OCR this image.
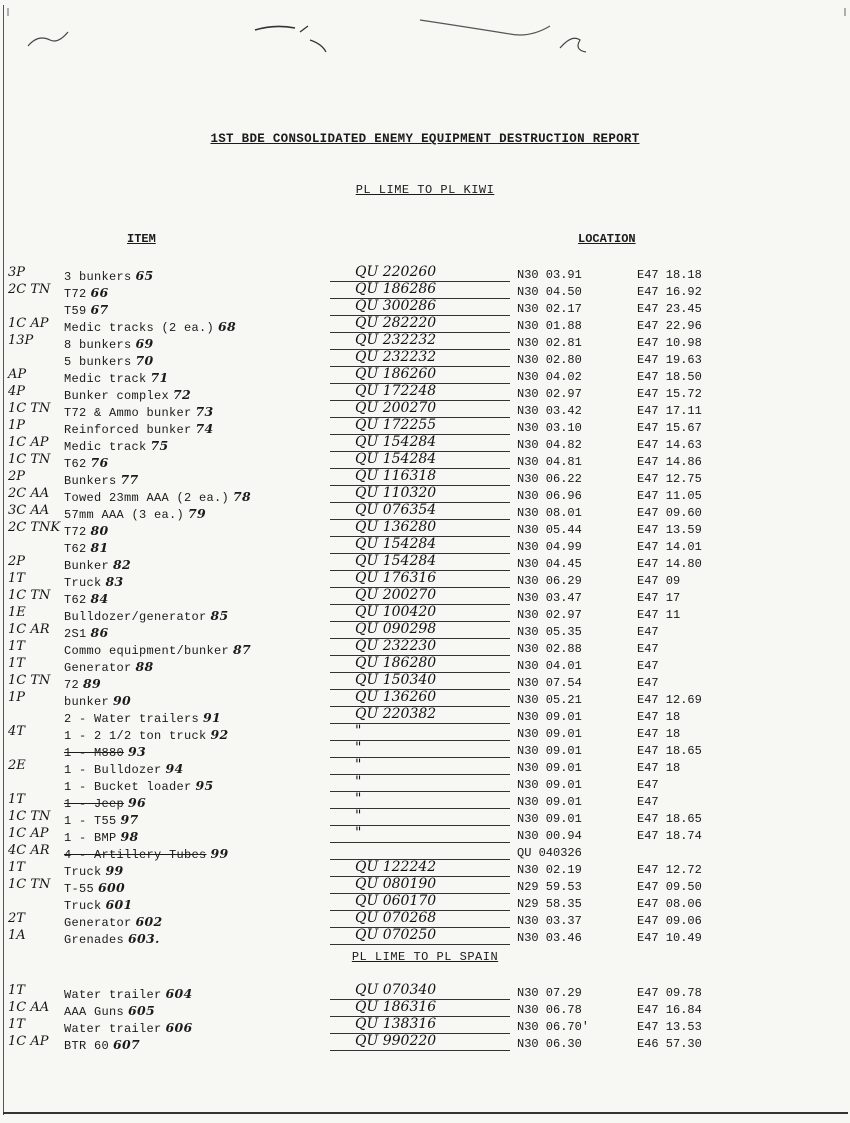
1ST BDE CONSOLIDATED ENEMY EQUIPMENT DESTRUCTION REPORT
PL LIME TO PL KIWI
ITEM	LOCATION
3P	3 bunkers 65	QU 220260	N30 03.91	E47 18.18
2C TN	T72 66	QU 186286	N30 04.50	E47 16.92
T59 67	QU 300286	N30 02.17	E47 23.45
1C AP	Medic tracks (2 ea.) 68	QU 282220	N30 01.88	E47 22.96
13P	8 bunkers 69	QU 232232	N30 02.81	E47 10.98
5 bunkers 70	QU 232232	N30 02.80	E47 19.63
AP	Medic track 71	QU 186260	N30 04.02	E47 18.50
4P	Bunker complex 72	QU 172248	N30 02.97	E47 15.72
1C TN	T72 & Ammo bunker 73	QU 200270	N30 03.42	E47 17.11
1P	Reinforced bunker 74	QU 172255	N30 03.10	E47 15.67
1C AP	Medic track 75	QU 154284	N30 04.82	E47 14.63
1C TN	T62 76	QU 154284	N30 04.81	E47 14.86
2P	Bunkers 77	QU 116318	N30 06.22	E47 12.75
2C AA	Towed 23mm AAA (2 ea.) 78	QU 110320	N30 06.96	E47 11.05
3C AA	57mm AAA (3 ea.) 79	QU 076354	N30 08.01	E47 09.60
2C TNK T72 80	QU 136280	N30 05.44	E47 13.59
T62 81	QU 154284	N30 04.99	E47 14.01
2P	Bunker 82	QU 154284	N30 04.45	E47 14.80
1T	Truck 83	QU 176316	N30 06.29	E47 09
1C TN	T62 84	QU 200270	N30 03.47	E47 17
1E	Bulldozer/generator 85	QU 100420	N30 02.97	E47 11
1C AR	2S1 86	QU 090298	N30 05.35	E47
1T	Commo equipment/bunker 87	QU 232230	N30 02.88	E47
1T	Generator 88	QU 186280	N30 04.01	E47
1C TN	72 89	QU 150340	N30 07.54	E47
1P	bunker 90	QU 136260	N30 05.21	E47 12.69
2 - Water trailers 91	QU 220382	N30 09.01	E47 18
4T	1 - 2 1/2 ton truck 92	"	N30 09.01	E47 18
1 - M880 93	"	N30 09.01	E47 18.65
2E	1 - Bulldozer 94	"	N30 09.01	E47 18
1 - Bucket loader 95	"	N30 09.01	E47
1T	1 - Jeep 96	"	N30 09.01	E47
1C TN	1 - T55 97	"	N30 09.01	E47 18.65
1C AP	1 - BMP 98	"	N30 00.94	E47 18.74
4C AR	4 - Artillery Tubes 99	QU 040326
1T	Truck 99	QU 122242	N30 02.19	E47 12.72
1C TN	T-55 600	QU 080190	N29 59.53	E47 09.50
Truck 601	QU 060170	N29 58.35	E47 08.06
2T	Generator 602	QU 070268	N30 03.37	E47 09.06
1A	Grenades 603.	QU 070250	N30 03.46	E47 10.49
PL LIME TO PL SPAIN
1T	Water trailer 604	QU 070340	N30 07.29	E47 09.78
1C AA	AAA Guns 605	QU 186316	N30 06.78	E47 16.84
1T	Water trailer 606	QU 138316	N30 06.70'	E47 13.53
1C AP	BTR 60 607	QU 990220	N30 06.30	E46 57.30
